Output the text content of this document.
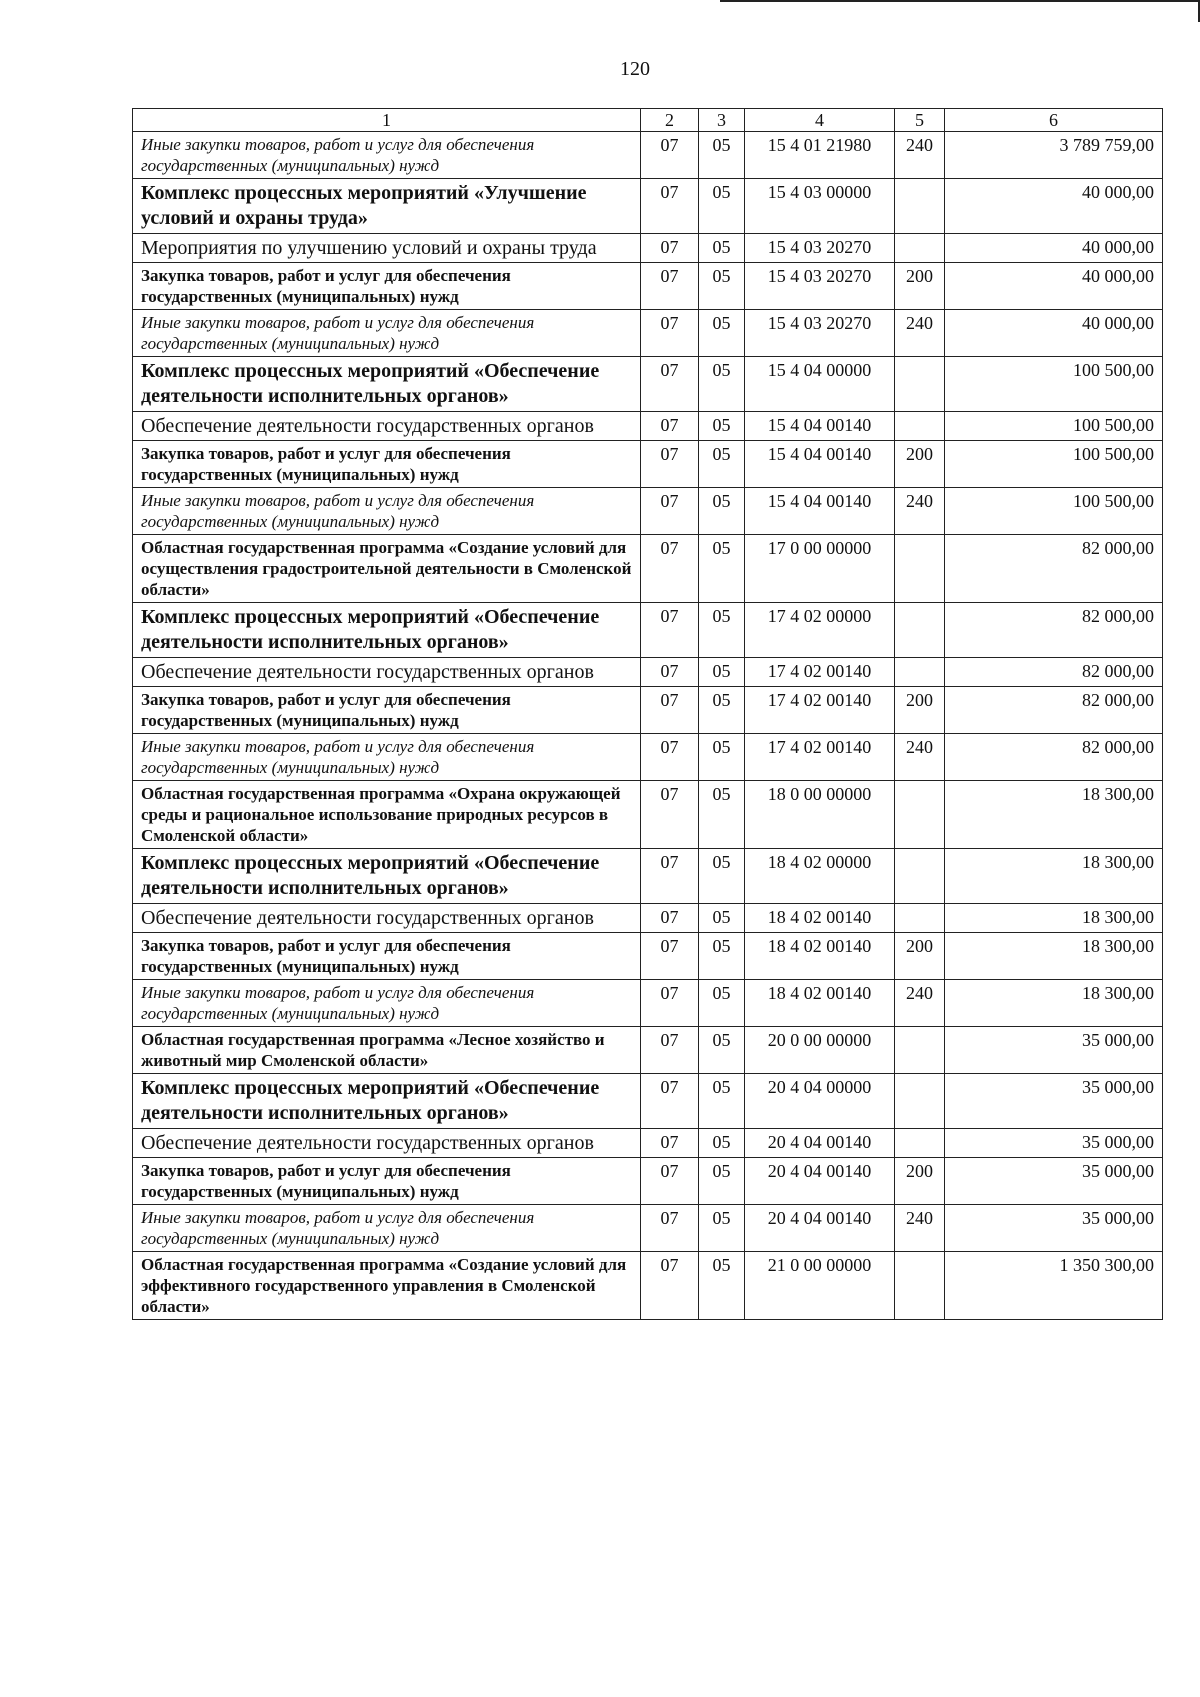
120
1	2	3	4	5	6
Иные закупки товаров, работ и услуг для обеспечения государственных (муниципальных) нужд	07	05	15 4 01 21980	240	3 789 759,00
Комплекс процессных мероприятий «Улучшение условий и охраны труда»	07	05	15 4 03 00000		40 000,00
Мероприятия по улучшению условий и охраны труда	07	05	15 4 03 20270		40 000,00
Закупка товаров, работ и услуг для обеспечения государственных (муниципальных) нужд	07	05	15 4 03 20270	200	40 000,00
Иные закупки товаров, работ и услуг для обеспечения государственных (муниципальных) нужд	07	05	15 4 03 20270	240	40 000,00
Комплекс процессных мероприятий «Обеспечение деятельности исполнительных органов»	07	05	15 4 04 00000		100 500,00
Обеспечение деятельности государственных органов	07	05	15 4 04 00140		100 500,00
Закупка товаров, работ и услуг для обеспечения государственных (муниципальных) нужд	07	05	15 4 04 00140	200	100 500,00
Иные закупки товаров, работ и услуг для обеспечения государственных (муниципальных) нужд	07	05	15 4 04 00140	240	100 500,00
Областная государственная программа «Создание условий для осуществления градостроительной деятельности в Смоленской области»	07	05	17 0 00 00000		82 000,00
Комплекс процессных мероприятий «Обеспечение деятельности исполнительных органов»	07	05	17 4 02 00000		82 000,00
Обеспечение деятельности государственных органов	07	05	17 4 02 00140		82 000,00
Закупка товаров, работ и услуг для обеспечения государственных (муниципальных) нужд	07	05	17 4 02 00140	200	82 000,00
Иные закупки товаров, работ и услуг для обеспечения государственных (муниципальных) нужд	07	05	17 4 02 00140	240	82 000,00
Областная государственная программа «Охрана окружающей среды и рациональное использование природных ресурсов в Смоленской области»	07	05	18 0 00 00000		18 300,00
Комплекс процессных мероприятий «Обеспечение деятельности исполнительных органов»	07	05	18 4 02 00000		18 300,00
Обеспечение деятельности государственных органов	07	05	18 4 02 00140		18 300,00
Закупка товаров, работ и услуг для обеспечения государственных (муниципальных) нужд	07	05	18 4 02 00140	200	18 300,00
Иные закупки товаров, работ и услуг для обеспечения государственных (муниципальных) нужд	07	05	18 4 02 00140	240	18 300,00
Областная государственная программа «Лесное хозяйство и животный мир Смоленской области»	07	05	20 0 00 00000		35 000,00
Комплекс процессных мероприятий «Обеспечение деятельности исполнительных органов»	07	05	20 4 04 00000		35 000,00
Обеспечение деятельности государственных органов	07	05	20 4 04 00140		35 000,00
Закупка товаров, работ и услуг для обеспечения государственных (муниципальных) нужд	07	05	20 4 04 00140	200	35 000,00
Иные закупки товаров, работ и услуг для обеспечения государственных (муниципальных) нужд	07	05	20 4 04 00140	240	35 000,00
Областная государственная программа «Создание условий для эффективного государственного управления в Смоленской области»	07	05	21 0 00 00000		1 350 300,00
